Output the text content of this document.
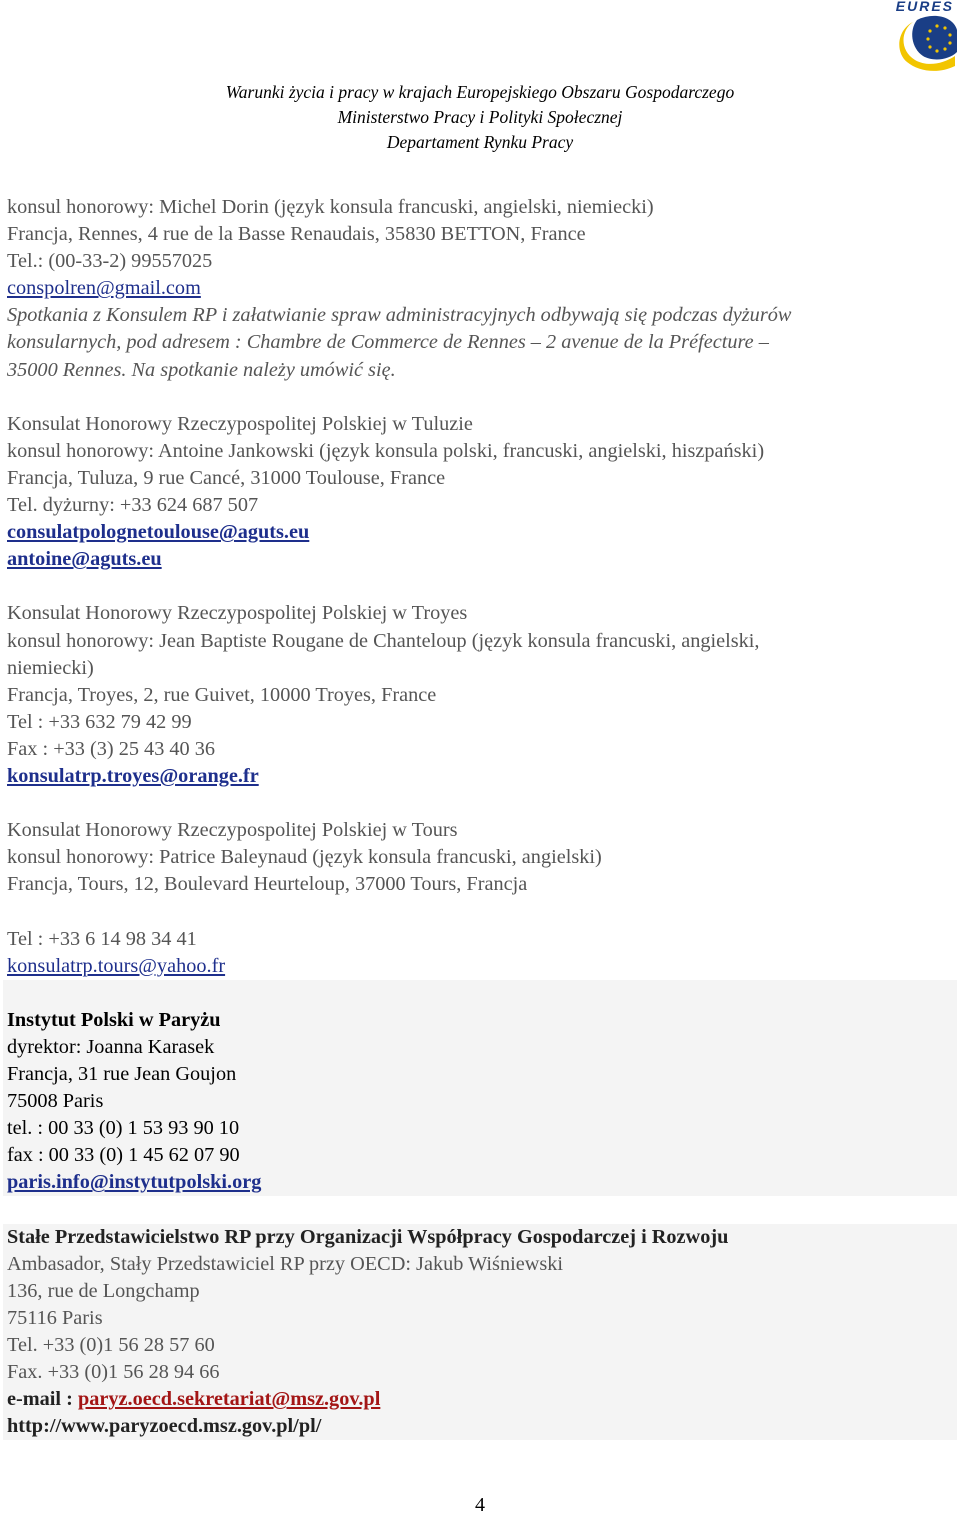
EURES
Warunki życia i pracy w krajach Europejskiego Obszaru Gospodarczego
Ministerstwo Pracy i Polityki Społecznej
Departament Rynku Pracy
konsul honorowy: Michel Dorin (język konsula francuski, angielski, niemiecki)
Francja, Rennes, 4 rue de la Basse Renaudais, 35830 BETTON, France
Tel.: (00-33-2) 99557025
conspolren@gmail.com
Spotkania z Konsulem RP i załatwianie spraw administracyjnych odbywają się podczas dyżurów
konsularnych, pod adresem : Chambre de Commerce de Rennes – 2 avenue de la Préfecture –
35000 Rennes. Na spotkanie należy umówić się.
Konsulat Honorowy Rzeczypospolitej Polskiej w Tuluzie
konsul honorowy: Antoine Jankowski (język konsula polski, francuski, angielski, hiszpański)
Francja, Tuluza, 9 rue Cancé, 31000 Toulouse, France
Tel. dyżurny: +33 624 687 507
consulatpolognetoulouse@aguts.eu
antoine@aguts.eu
Konsulat Honorowy Rzeczypospolitej Polskiej w Troyes
konsul honorowy: Jean Baptiste Rougane de Chanteloup (język konsula francuski, angielski,
niemiecki)
Francja, Troyes, 2, rue Guivet, 10000 Troyes, France
Tel : +33 632 79 42 99
Fax : +33 (3) 25 43 40 36
konsulatrp.troyes@orange.fr
Konsulat Honorowy Rzeczypospolitej Polskiej w Tours
konsul honorowy: Patrice Baleynaud (język konsula francuski, angielski)
Francja, Tours, 12, Boulevard Heurteloup, 37000 Tours, Francja
Tel : +33 6 14 98 34 41
konsulatrp.tours@yahoo.fr
Instytut Polski w Paryżu
dyrektor: Joanna Karasek
Francja, 31 rue Jean Goujon
75008 Paris
tel. : 00 33 (0) 1 53 93 90 10
fax : 00 33 (0) 1 45 62 07 90
paris.info@instytutpolski.org
Stałe Przedstawicielstwo RP przy Organizacji Współpracy Gospodarczej i Rozwoju
Ambasador, Stały Przedstawiciel RP przy OECD: Jakub Wiśniewski
136, rue de Longchamp
75116 Paris
Tel. +33 (0)1 56 28 57 60
Fax. +33 (0)1 56 28 94 66
e-mail : paryz.oecd.sekretariat@msz.gov.pl
http://www.paryzoecd.msz.gov.pl/pl/
4
